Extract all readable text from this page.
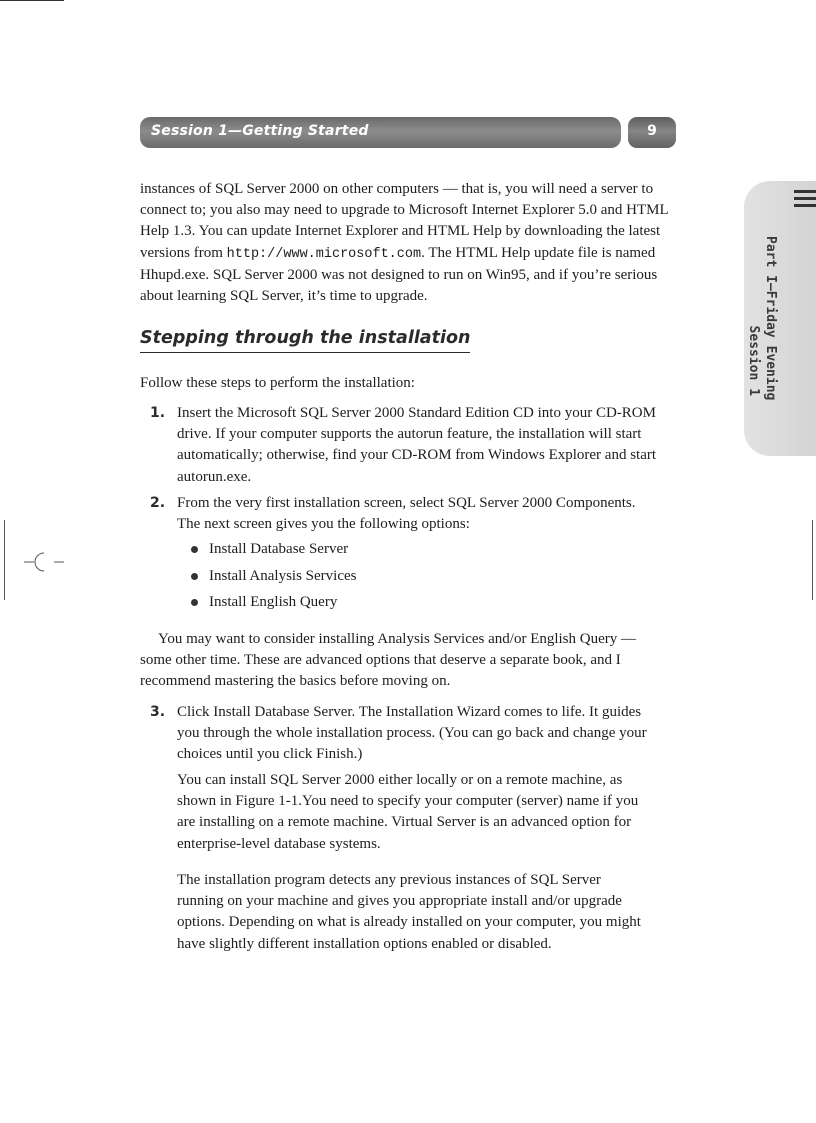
Session 1—Getting Started	9
Part I—Friday Evening
Session 1

instances of SQL Server 2000 on other computers — that is, you will need a server to connect to; you also may need to upgrade to Microsoft Internet Explorer 5.0 and HTML Help 1.3. You can update Internet Explorer and HTML Help by downloading the latest versions from http://www.microsoft.com. The HTML Help update file is named Hhupd.exe. SQL Server 2000 was not designed to run on Win95, and if you’re serious about learning SQL Server, it’s time to upgrade.

Stepping through the installation

Follow these steps to perform the installation:

1. Insert the Microsoft SQL Server 2000 Standard Edition CD into your CD-ROM drive. If your computer supports the autorun feature, the installation will start automatically; otherwise, find your CD-ROM from Windows Explorer and start autorun.exe.

2. From the very first installation screen, select SQL Server 2000 Components. The next screen gives you the following options:

Install Database Server
Install Analysis Services
Install English Query

You may want to consider installing Analysis Services and/or English Query — some other time. These are advanced options that deserve a separate book, and I recommend mastering the basics before moving on.

3. Click Install Database Server. The Installation Wizard comes to life. It guides you through the whole installation process. (You can go back and change your choices until you click Finish.)

You can install SQL Server 2000 either locally or on a remote machine, as shown in Figure 1-1.You need to specify your computer (server) name if you are installing on a remote machine. Virtual Server is an advanced option for enterprise-level database systems.

The installation program detects any previous instances of SQL Server running on your machine and gives you appropriate install and/or upgrade options. Depending on what is already installed on your computer, you might have slightly different installation options enabled or disabled.
